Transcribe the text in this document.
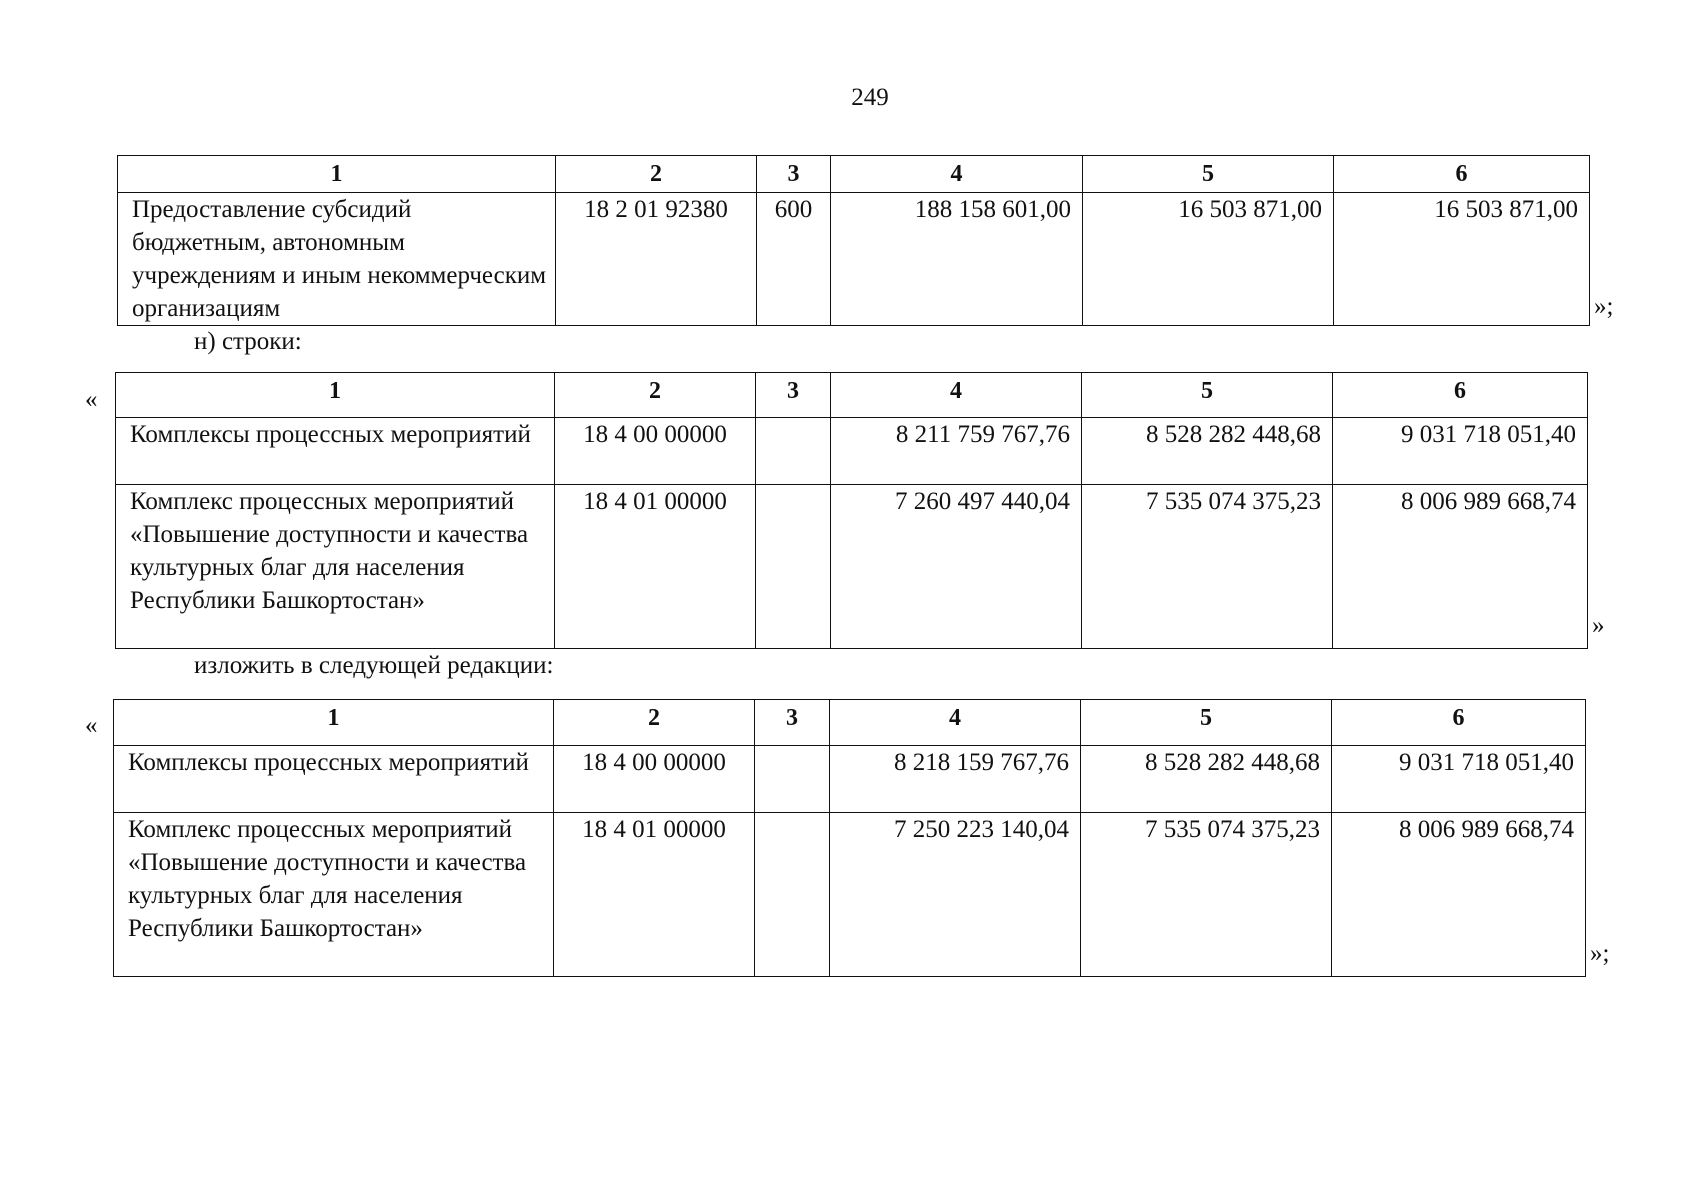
249
1	2	3	4	5	6
Предоставление субсидий бюджетным, автономным учреждениям и иным некоммерческим организациям	18 2 01 92380	600	188 158 601,00	16 503 871,00	16 503 871,00
»;
н) строки:
«	1	2	3	4	5	6
Комплексы процессных мероприятий	18 4 00 00000		8 211 759 767,76	8 528 282 448,68	9 031 718 051,40
Комплекс процессных мероприятий «Повышение доступности и качества культурных благ для населения Республики Башкортостан»	18 4 01 00000		7 260 497 440,04	7 535 074 375,23	8 006 989 668,74
»
изложить в следующей редакции:
«	1	2	3	4	5	6
Комплексы процессных мероприятий	18 4 00 00000		8 218 159 767,76	8 528 282 448,68	9 031 718 051,40
Комплекс процессных мероприятий «Повышение доступности и качества культурных благ для населения Республики Башкортостан»	18 4 01 00000		7 250 223 140,04	7 535 074 375,23	8 006 989 668,74
»;
